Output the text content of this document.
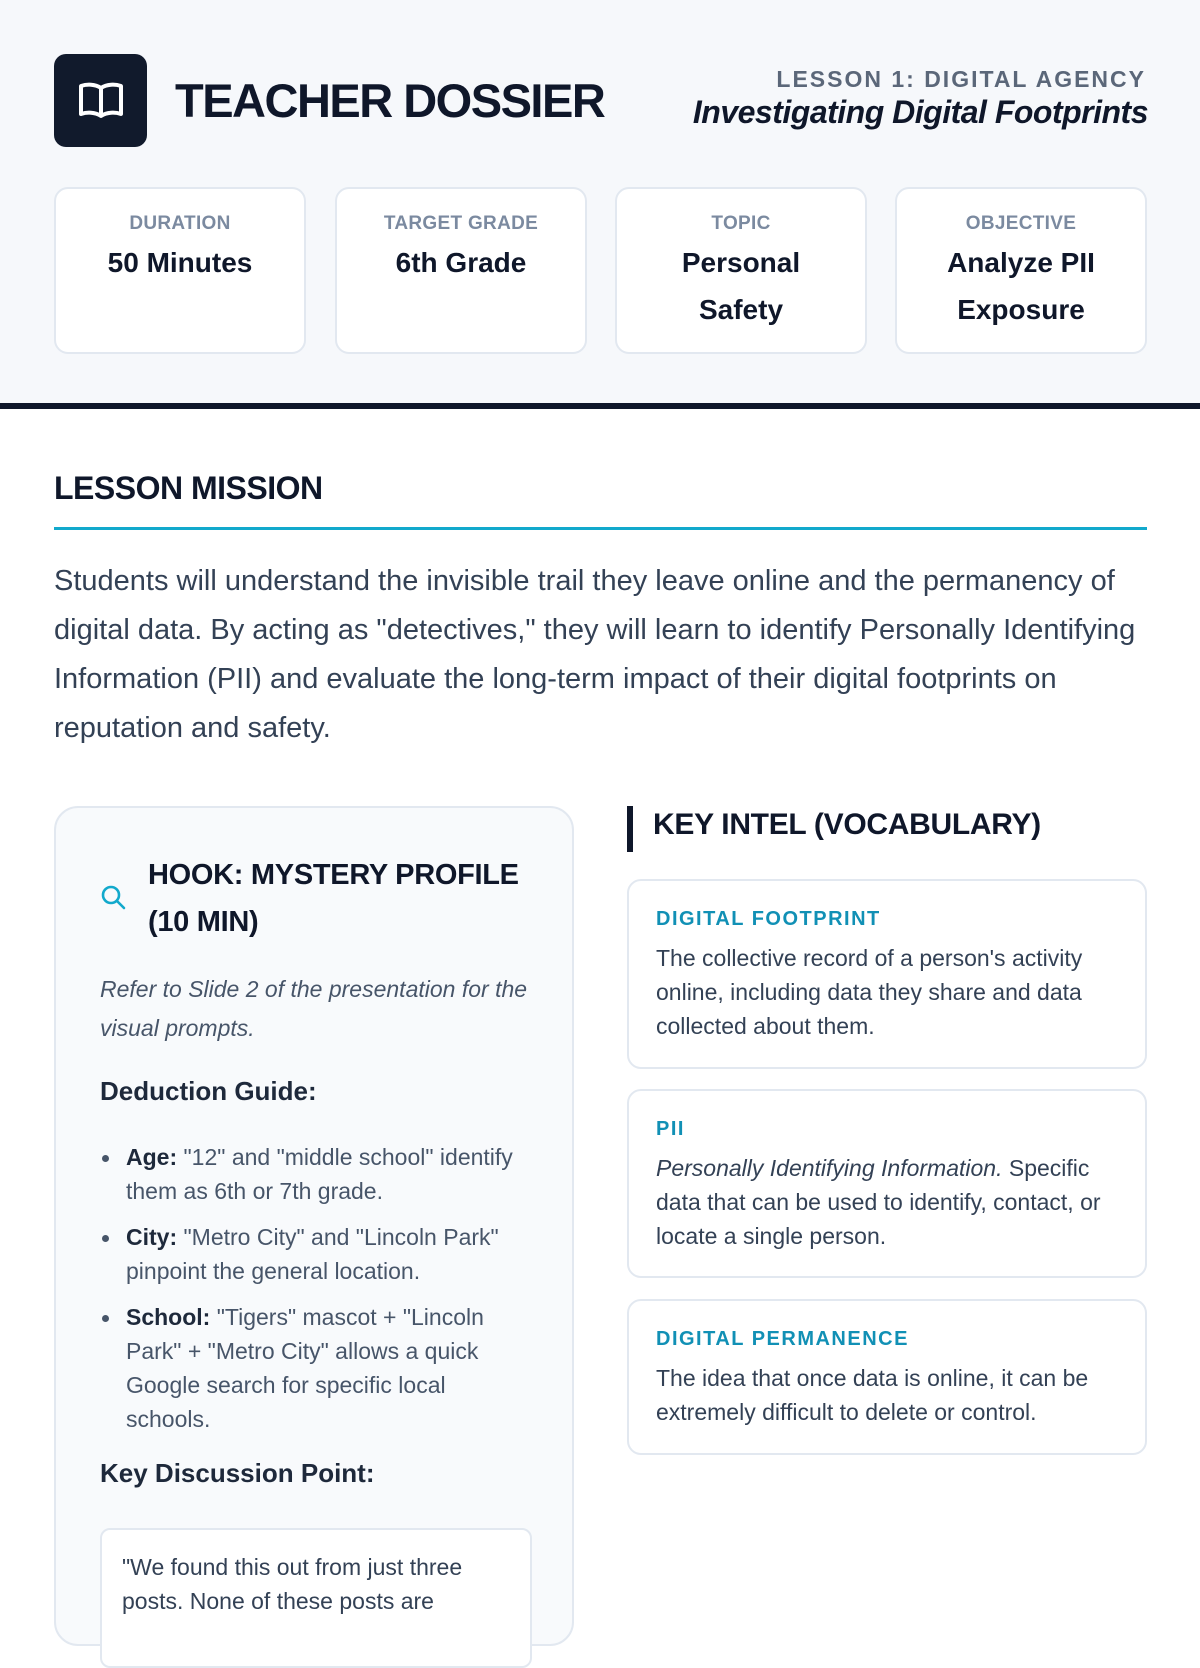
TEACHER DOSSIER	LESSON 1: DIGITAL AGENCY
Investigating Digital Footprints
DURATION
50 Minutes
TARGET GRADE
6th Grade
TOPIC
Personal Safety
OBJECTIVE
Analyze PII Exposure
LESSON MISSION
Students will understand the invisible trail they leave online and the permanency of digital data. By acting as "detectives," they will learn to identify Personally Identifying Information (PII) and evaluate the long-term impact of their digital footprints on reputation and safety.
HOOK: MYSTERY PROFILE (10 MIN)
Refer to Slide 2 of the presentation for the visual prompts.
Deduction Guide:
Age: "12" and "middle school" identify them as 6th or 7th grade.
City: "Metro City" and "Lincoln Park" pinpoint the general location.
School: "Tigers" mascot + "Lincoln Park" + "Metro City" allows a quick Google search for specific local schools.
Key Discussion Point:
"We found this out from just three posts. None of these posts are
KEY INTEL (VOCABULARY)
DIGITAL FOOTPRINT
The collective record of a person's activity online, including data they share and data collected about them.
PII
Personally Identifying Information. Specific data that can be used to identify, contact, or locate a single person.
DIGITAL PERMANENCE
The idea that once data is online, it can be extremely difficult to delete or control.
